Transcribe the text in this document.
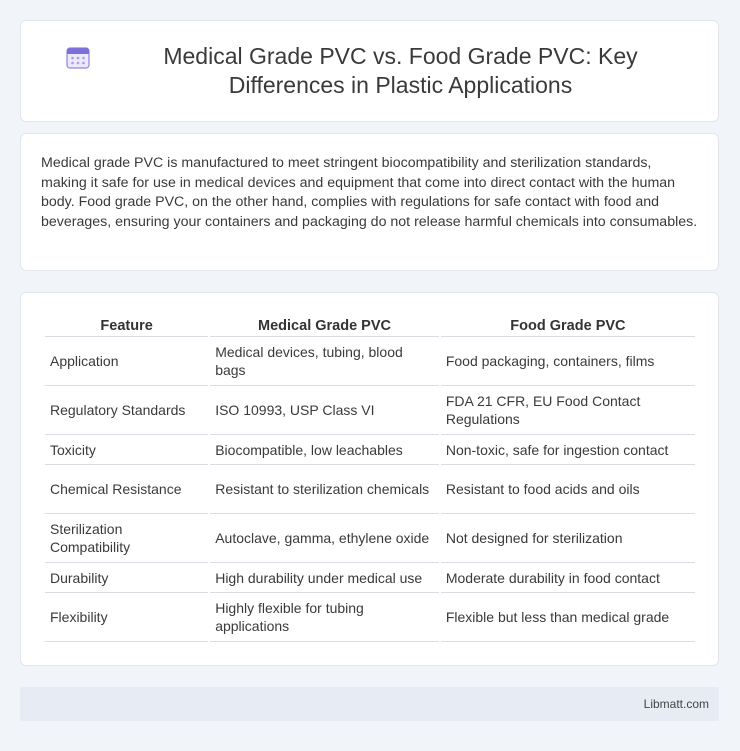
Medical Grade PVC vs. Food Grade PVC: Key Differences in Plastic Applications

Medical grade PVC is manufactured to meet stringent biocompatibility and sterilization standards, making it safe for use in medical devices and equipment that come into direct contact with the human body. Food grade PVC, on the other hand, complies with regulations for safe contact with food and beverages, ensuring your containers and packaging do not release harmful chemicals into consumables.

Feature	Medical Grade PVC	Food Grade PVC
Application	Medical devices, tubing, blood bags	Food packaging, containers, films
Regulatory Standards	ISO 10993, USP Class VI	FDA 21 CFR, EU Food Contact Regulations
Toxicity	Biocompatible, low leachables	Non-toxic, safe for ingestion contact
Chemical Resistance	Resistant to sterilization chemicals	Resistant to food acids and oils
Sterilization Compatibility	Autoclave, gamma, ethylene oxide	Not designed for sterilization
Durability	High durability under medical use	Moderate durability in food contact
Flexibility	Highly flexible for tubing applications	Flexible but less than medical grade
Libmatt.com
